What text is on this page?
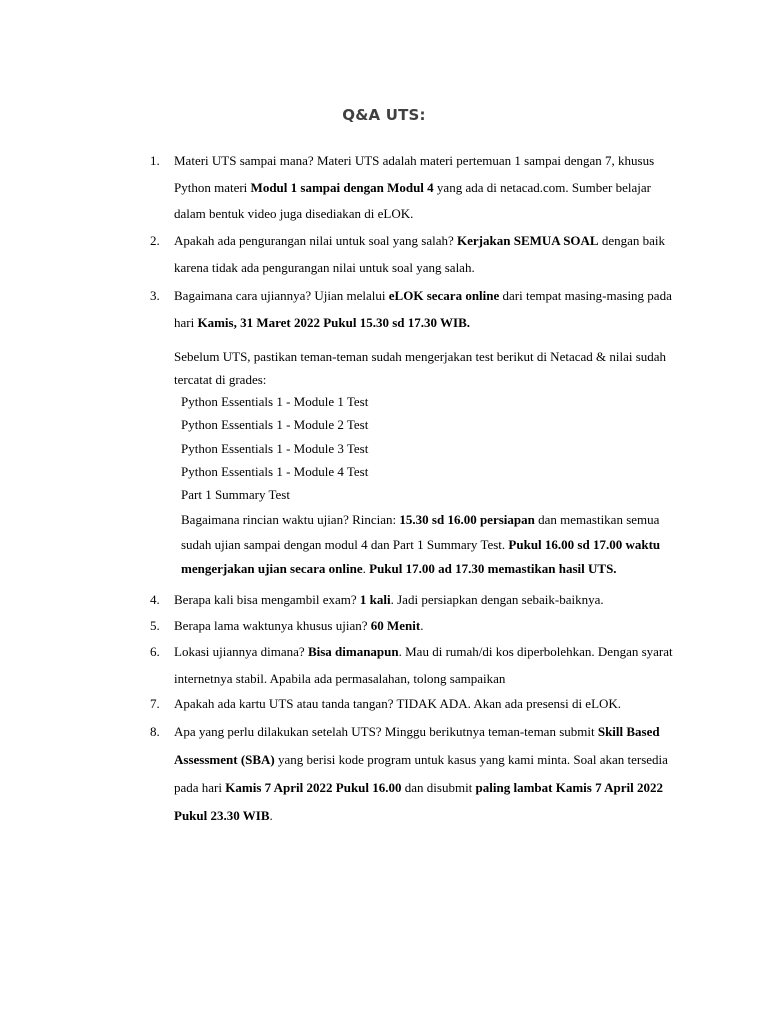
Q&A UTS:
1. Materi UTS sampai mana? Materi UTS adalah materi pertemuan 1 sampai dengan 7, khusus Python materi Modul 1 sampai dengan Modul 4 yang ada di netacad.com. Sumber belajar dalam bentuk video juga disediakan di eLOK.
2. Apakah ada pengurangan nilai untuk soal yang salah? Kerjakan SEMUA SOAL dengan baik karena tidak ada pengurangan nilai untuk soal yang salah.
3. Bagaimana cara ujiannya? Ujian melalui eLOK secara online dari tempat masing-masing pada hari Kamis, 31 Maret 2022 Pukul 15.30 sd 17.30 WIB.
Sebelum UTS, pastikan teman-teman sudah mengerjakan test berikut di Netacad & nilai sudah tercatat di grades:
Python Essentials 1 - Module 1 Test
Python Essentials 1 - Module 2 Test
Python Essentials 1 - Module 3 Test
Python Essentials 1 - Module 4 Test
Part 1 Summary Test
Bagaimana rincian waktu ujian? Rincian: 15.30 sd 16.00 persiapan dan memastikan semua sudah ujian sampai dengan modul 4 dan Part 1 Summary Test. Pukul 16.00 sd 17.00 waktu mengerjakan ujian secara online. Pukul 17.00 ad 17.30 memastikan hasil UTS.
4. Berapa kali bisa mengambil exam? 1 kali. Jadi persiapkan dengan sebaik-baiknya.
5. Berapa lama waktunya khusus ujian? 60 Menit.
6. Lokasi ujiannya dimana? Bisa dimanapun. Mau di rumah/di kos diperbolehkan. Dengan syarat internetnya stabil. Apabila ada permasalahan, tolong sampaikan
7. Apakah ada kartu UTS atau tanda tangan? TIDAK ADA. Akan ada presensi di eLOK.
8. Apa yang perlu dilakukan setelah UTS? Minggu berikutnya teman-teman submit Skill Based Assessment (SBA) yang berisi kode program untuk kasus yang kami minta. Soal akan tersedia pada hari Kamis 7 April 2022 Pukul 16.00 dan disubmit paling lambat Kamis 7 April 2022 Pukul 23.30 WIB.
